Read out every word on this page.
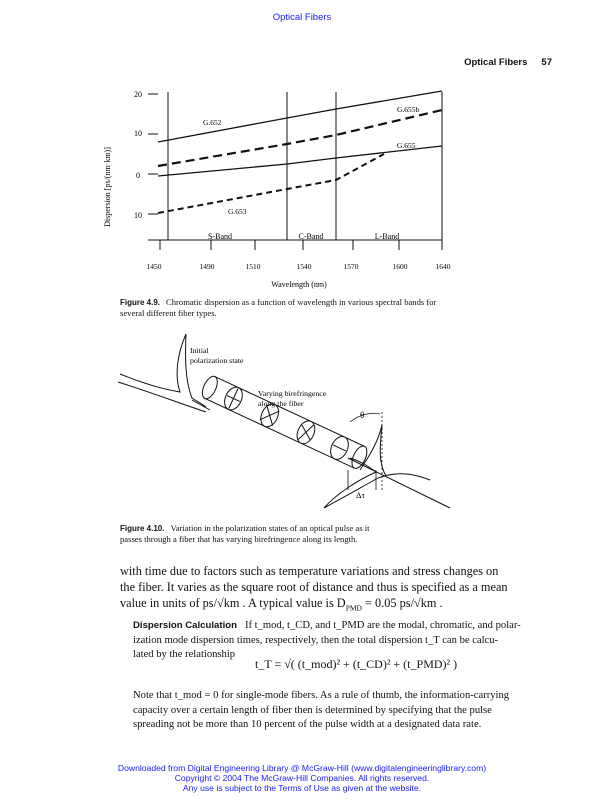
Optical Fibers
Optical Fibers 57
Dispersion [ps/(nm·km)]
20
10
0
10
1450	1490	1510	1540	1570	1600	1640
Wavelength (nm)
S-Band	C-Band	L-Band
G.652
G.655b
G.655
G.653
Figure 4.9. Chromatic dispersion as a function of wavelength in various spectral bands for several different fiber types.
Initial
polarization state
Varying birefringence
along the fiber
θ
Δτ
Figure 4.10. Variation in the polarization states of an optical pulse as it
passes through a fiber that has varying birefringence along its length.
with time due to factors such as temperature variations and stress changes on
the fiber. It varies as the square root of distance and thus is specified as a mean
value in units of ps/√km . A typical value is $D_{PMD} = 0.05$ ps/√km .
Dispersion Calculation If t_mod, t_CD, and t_PMD are the modal, chromatic, and polar-
ization mode dispersion times, respectively, then the total dispersion t_T can be calcu-
lated by the relationship
t_T = √( (t_mod)² + (t_CD)² + (t_PMD)² )
Note that t_mod = 0 for single-mode fibers. As a rule of thumb, the information-carrying
capacity over a certain length of fiber then is determined by specifying that the pulse
spreading not be more than 10 percent of the pulse width at a designated data rate.
Downloaded from Digital Engineering Library @ McGraw-Hill (www.digitalengineeringlibrary.com)
Copyright © 2004 The McGraw-Hill Companies. All rights reserved.
Any use is subject to the Terms of Use as given at the website.
